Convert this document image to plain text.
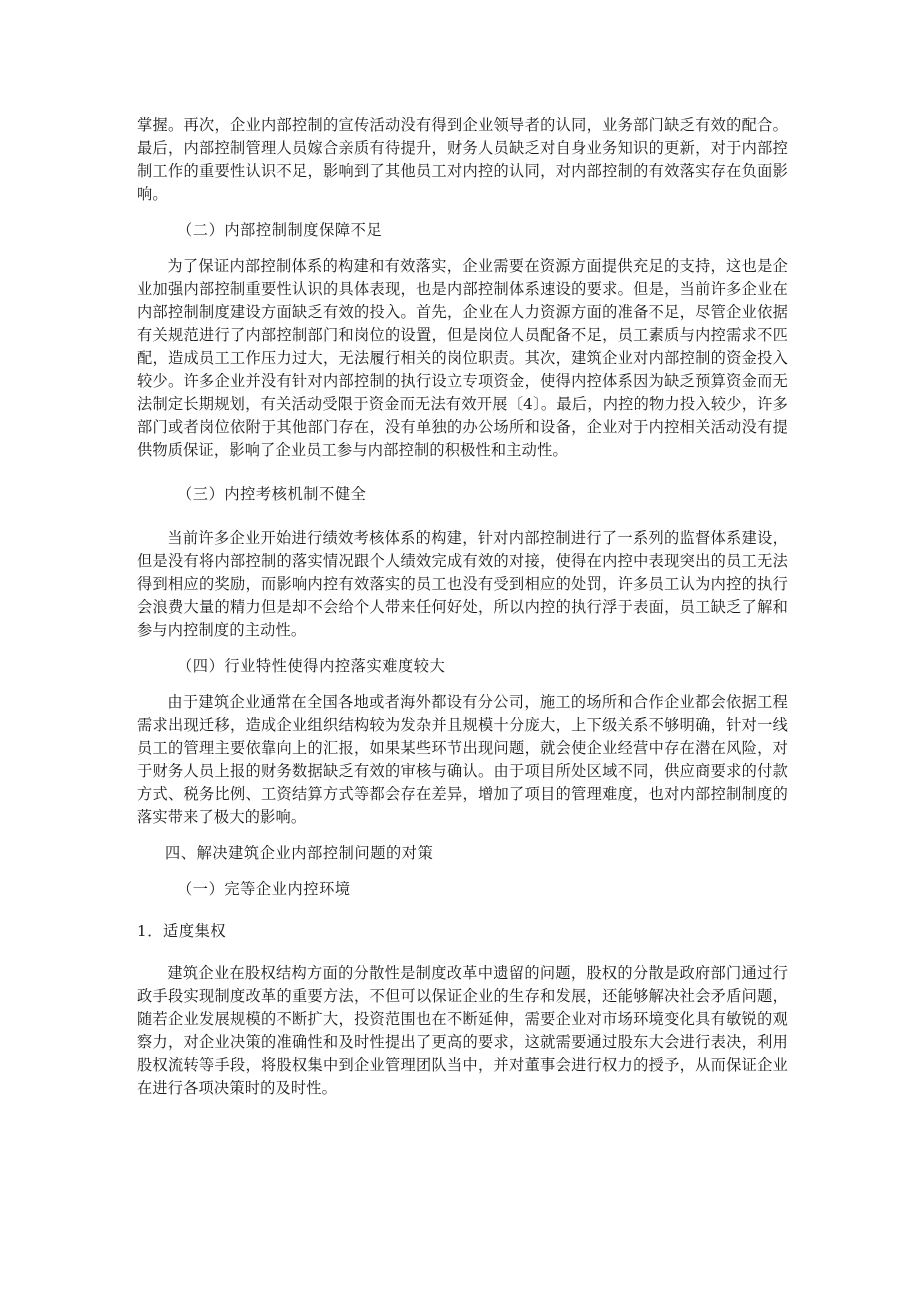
掌握。再次，企业内部控制的宣传活动没有得到企业领导者的认同，业务部门缺乏有效的配合。最后，内部控制管理人员嫁合亲质有待提升，财务人员缺乏对自身业务知识的更新，对于内部控制工作的重要性认识不足，影响到了其他员工对内控的认同，对内部控制的有效落实存在负面影响。

（二）内部控制制度保障不足

为了保证内部控制体系的构建和有效落实，企业需要在资源方面提供充足的支持，这也是企业加强内部控制重要性认识的具体表现，也是内部控制体系速设的要求。但是，当前许多企业在内部控制制度建设方面缺乏有效的投入。首先，企业在人力资源方面的准备不足，尽管企业依据有关规范进行了内部控制部门和岗位的设置，但是岗位人员配备不足，员工素质与内控需求不匹配，造成员工工作压力过大，无法履行相关的岗位职责。其次，建筑企业对内部控制的资金投入较少。许多企业并没有针对内部控制的执行设立专项资金，使得内控体系因为缺乏预算资金而无法制定长期规划，有关活动受限于资金而无法有效开展〔4〕。最后，内控的物力投入较少，许多部门或者岗位依附于其他部门存在，没有单独的办公场所和设备，企业对于内控相关活动没有提供物质保证，影响了企业员工参与内部控制的积极性和主动性。

（三）内控考核机制不健全

当前许多企业开始进行绩效考核体系的构建，针对内部控制进行了一系列的监督体系建设，但是没有将内部控制的落实情况跟个人绩效完成有效的对接，使得在内控中表现突出的员工无法得到相应的奖励，而影响内控有效落实的员工也没有受到相应的处罚，许多员工认为内控的执行会浪费大量的精力但是却不会给个人带来任何好处，所以内控的执行浮于表面，员工缺乏了解和参与内控制度的主动性。

（四）行业特性使得内控落实难度较大

由于建筑企业通常在全国各地或者海外都设有分公司，施工的场所和合作企业都会依据工程需求出现迁移，造成企业组织结构较为发杂并且规模十分庞大，上下级关系不够明确，针对一线员工的管理主要依靠向上的汇报，如果某些环节出现问题，就会使企业经营中存在潜在风险，对于财务人员上报的财务数据缺乏有效的审核与确认。由于项目所处区域不同，供应商要求的付款方式、税务比例、工资结算方式等都会存在差异，增加了项目的管理难度，也对内部控制制度的落实带来了极大的影响。

四、解决建筑企业内部控制问题的对策

（一）完等企业内控环境

1．适度集权

建筑企业在股权结构方面的分散性是制度改革中遗留的问题，股权的分散是政府部门通过行政手段实现制度改革的重要方法，不但可以保证企业的生存和发展，还能够解决社会矛盾问题，随若企业发展规模的不断扩大，投资范围也在不断延伸，需要企业对市场环境变化具有敏锐的观察力，对企业决策的准确性和及时性提出了更高的要求，这就需要通过股东大会进行表决，利用股权流转等手段，将股权集中到企业管理团队当中，并对董事会进行权力的授予，从而保证企业在进行各项决策时的及时性。
